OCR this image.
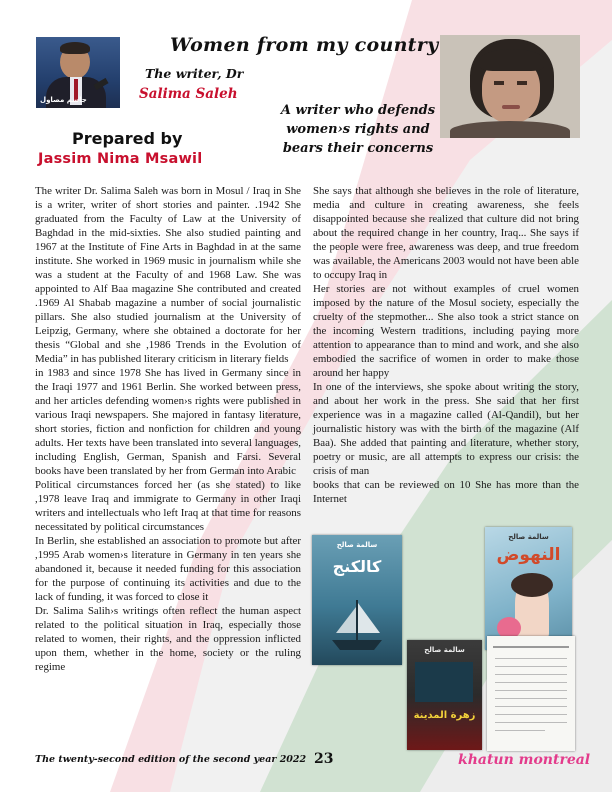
جاسم مصاول
Women from my country
The writer, Dr
Salima Saleh
A writer who defends women›s rights and bears their concerns
Prepared by
Jassim Nima Msawil

The writer Dr. Salima Saleh was born in Mosul / Iraq in She is a writer, writer of short stories and painter. .1942 She graduated from the Faculty of Law at the University of Baghdad in the mid-sixties. She also studied painting and 1967 at the Institute of Fine Arts in Baghdad in at the same institute. She worked in 1969 music in journalism while she was a student at the Faculty of and 1968 Law. She was appointed to Alf Baa magazine She contributed and created .1969 Al Shabab magazine a number of social journalistic pillars. She also studied journalism at the University of Leipzig, Germany, where she obtained a doctorate for her thesis “Global and she ,1986 Trends in the Evolution of Media” in has published literary criticism in literary fields
in 1983 and since 1978 She has lived in Germany since in the Iraqi 1977 and 1961 Berlin. She worked between press, and her articles defending women›s rights were published in various Iraqi newspapers. She majored in fantasy literature, short stories, fiction and nonfiction for children and young adults. Her texts have been translated into several languages, including English, German, Spanish and Farsi. Several books have been translated by her from German into Arabic
Political circumstances forced her (as she stated) to like ,1978 leave Iraq and immigrate to Germany in other Iraqi writers and intellectuals who left Iraq at that time for reasons necessitated by political circumstances
In Berlin, she established an association to promote but after ,1995 Arab women›s literature in Germany in ten years she abandoned it, because it needed funding for this association for the purpose of continuing its activities and due to the lack of funding, it was forced to close it
Dr. Salima Salih›s writings often reflect the human aspect related to the political situation in Iraq, especially those related to women, their rights, and the oppression inflicted upon them, whether in the home, society or the ruling regime

She says that although she believes in the role of literature, media and culture in creating awareness, she feels disappointed because she realized that culture did not bring about the required change in her country, Iraq... She says if the people were free, awareness was deep, and true freedom was available, the Americans 2003 would not have been able to occupy Iraq in
Her stories are not without examples of cruel women imposed by the nature of the Mosul society, especially the cruelty of the stepmother... She also took a strict stance on the incoming Western traditions, including paying more attention to appearance than to mind and work, and she also embodied the sacrifice of women in order to make those around her happy
In one of the interviews, she spoke about writing the story, and about her work in the press. She said that her first experience was in a magazine called (Al-Qandil), but her journalistic history was with the birth of the magazine (Alf Baa). She added that painting and literature, whether story, poetry or music, are all attempts to express our crisis: the crisis of man
books that can be reviewed on 10 She has more than the Internet

سالمة صالح
كالكنج
سالمة صالح
النهوض
سالمة صالح
زهرة المدينة
The twenty-second edition of the second year 2022 23	khatun montreal
